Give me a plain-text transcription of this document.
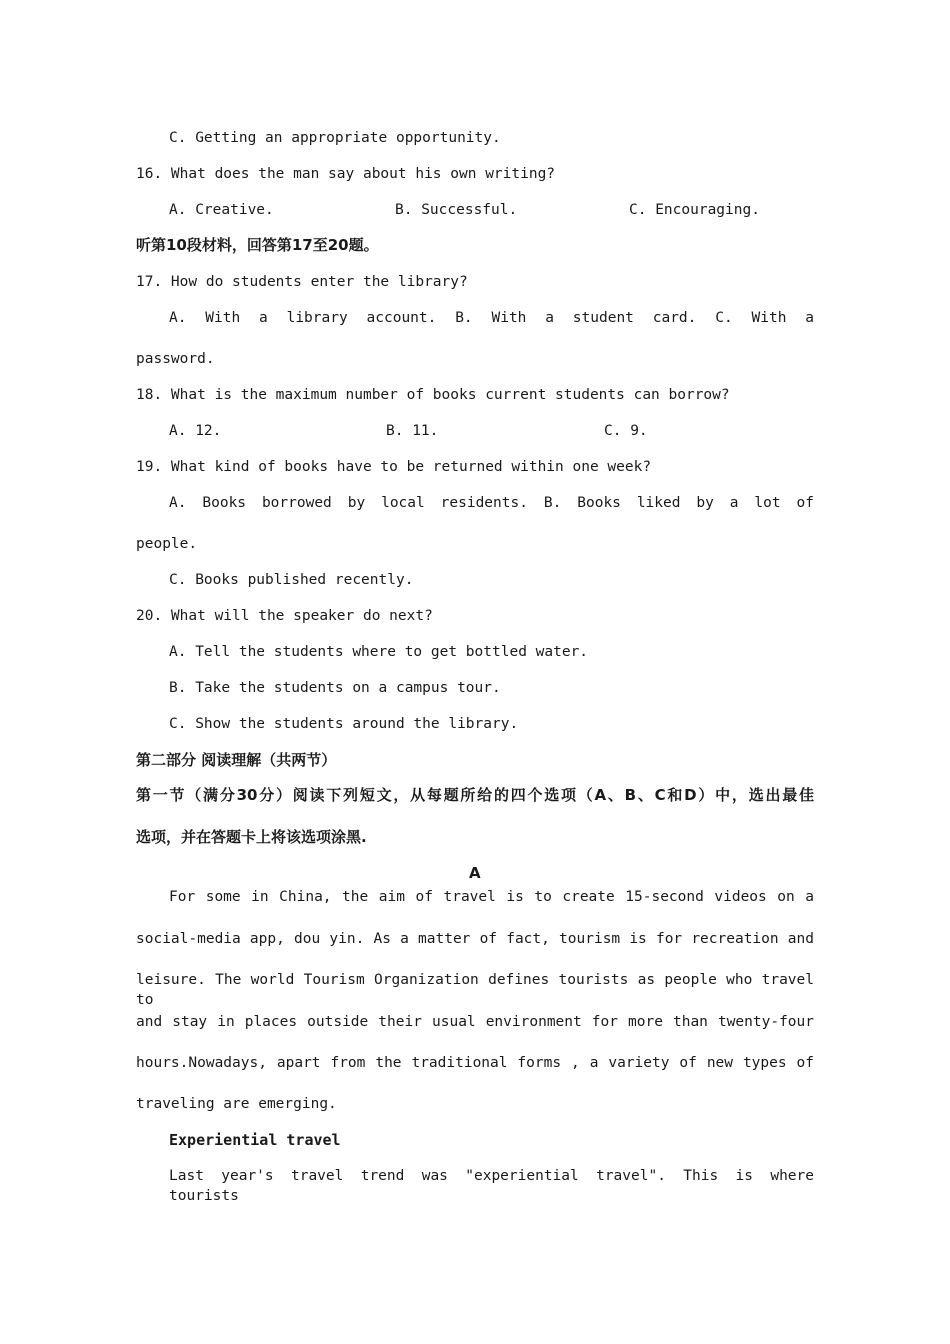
C. Getting an appropriate opportunity.
16. What does the man say about his own writing?
A. Creative.	B. Successful.	C. Encouraging.
听第10段材料，回答第17至20题。
17. How do students enter the library?
A. With a library account. B. With a student card. C. With a
password.
18. What is the maximum number of books current students can borrow?
A. 12.	B. 11.	C. 9.
19. What kind of books have to be returned within one week?
A. Books borrowed by local residents. B. Books liked by a lot of
people.
C. Books published recently.
20. What will the speaker do next?
A. Tell the students where to get bottled water.
B. Take the students on a campus tour.
C. Show the students around the library.
第二部分 阅读理解（共两节）
第一节（满分30分）阅读下列短文，从每题所给的四个选项（A、B、C和D）中，选出最佳
选项，并在答题卡上将该选项涂黑.
A
For some in China, the aim of travel is to create 15-second videos on a
social-media app, dou yin. As a matter of fact, tourism is for recreation and
leisure. The world Tourism Organization defines tourists as people who travel to
and stay in places outside their usual environment for more than twenty-four
hours.Nowadays, apart from the traditional forms , a variety of new types of
traveling are emerging.
Experiential travel
Last year's travel trend was "experiential travel". This is where tourists
